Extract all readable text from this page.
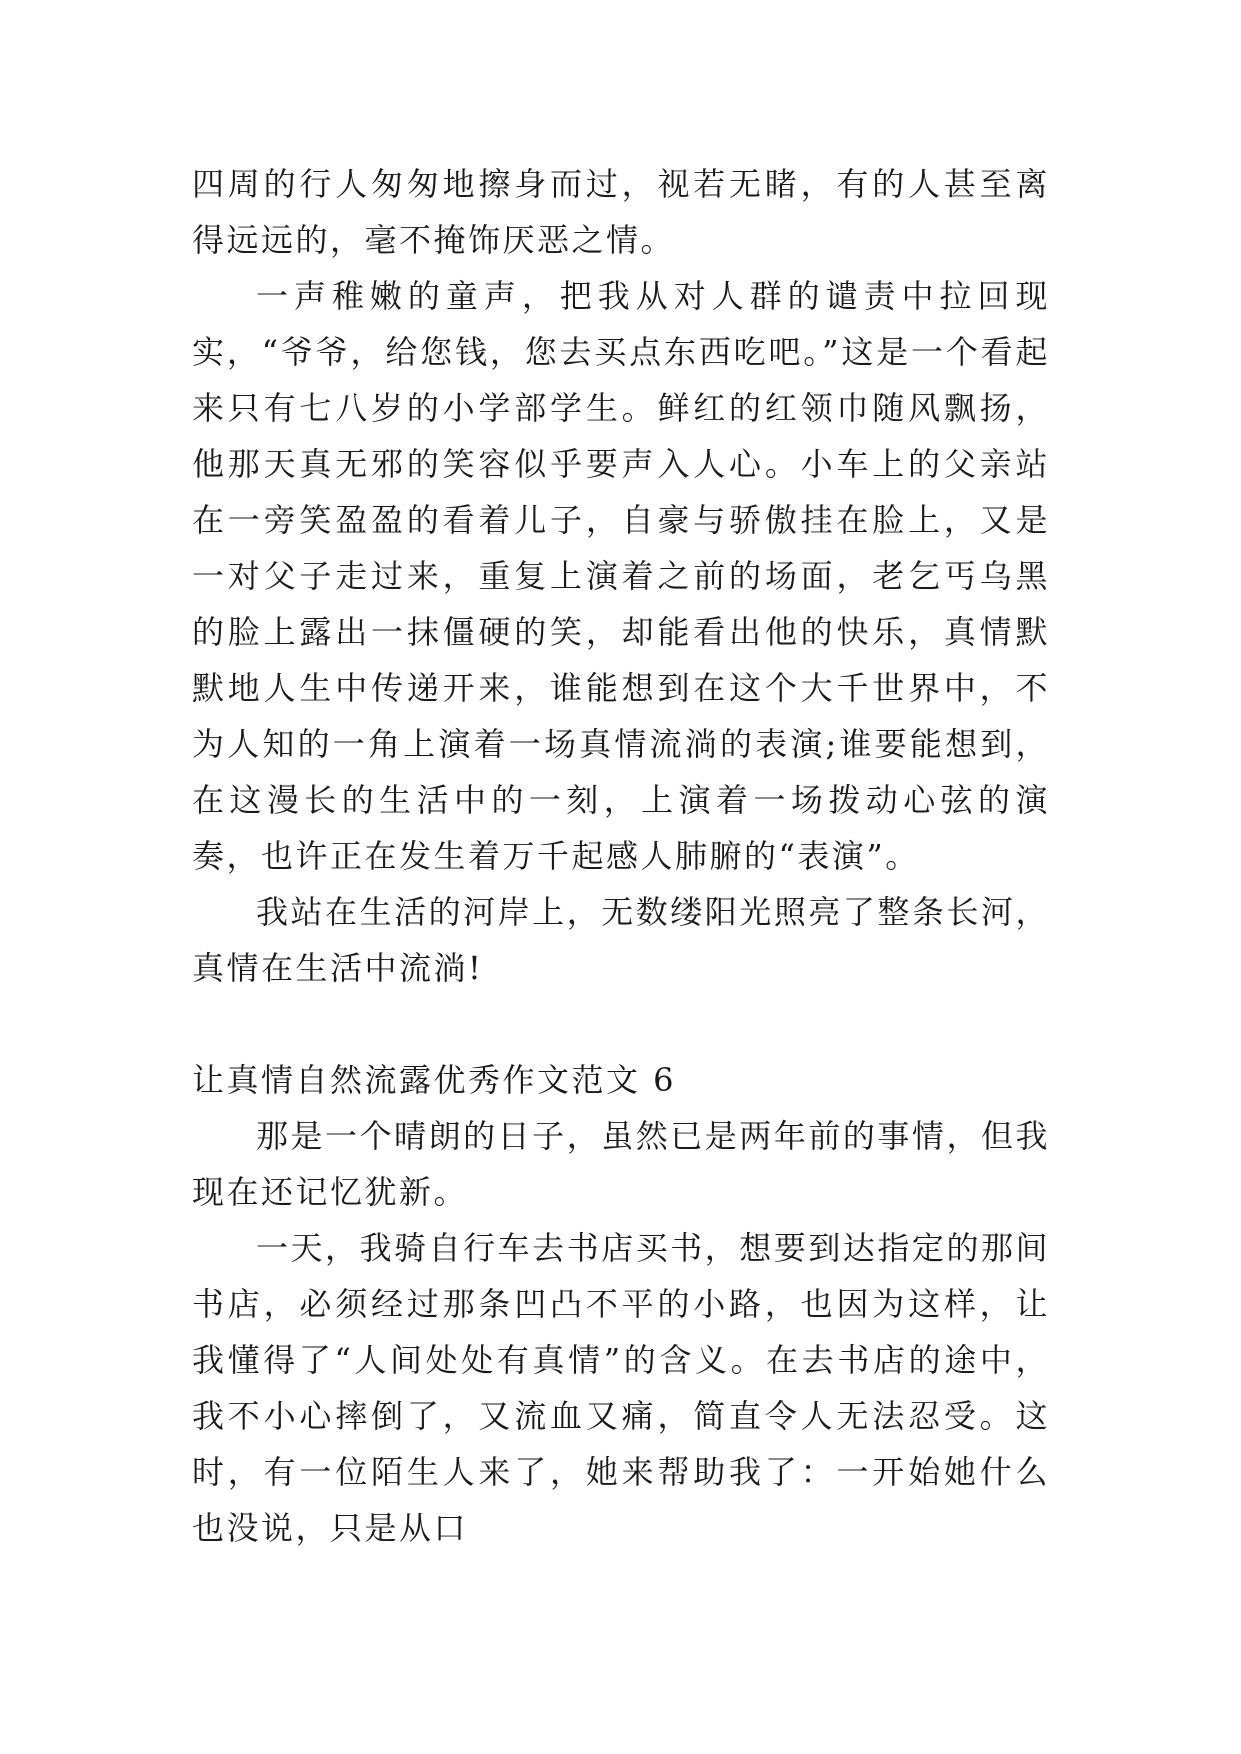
四周的行人匆匆地擦身而过，视若无睹，有的人甚至离得远远的，毫不掩饰厌恶之情。

一声稚嫩的童声，把我从对人群的谴责中拉回现实，“爷爷，给您钱，您去买点东西吃吧。”这是一个看起来只有七八岁的小学部学生。鲜红的红领巾随风飘扬，他那天真无邪的笑容似乎要声入人心。小车上的父亲站在一旁笑盈盈的看着儿子，自豪与骄傲挂在脸上，又是一对父子走过来，重复上演着之前的场面，老乞丐乌黑的脸上露出一抹僵硬的笑，却能看出他的快乐，真情默默地人生中传递开来，谁能想到在这个大千世界中，不为人知的一角上演着一场真情流淌的表演;谁要能想到，在这漫长的生活中的一刻，上演着一场拨动心弦的演奏，也许正在发生着万千起感人肺腑的“表演”。

我站在生活的河岸上，无数缕阳光照亮了整条长河，真情在生活中流淌!

让真情自然流露优秀作文范文 6

那是一个晴朗的日子，虽然已是两年前的事情，但我现在还记忆犹新。

一天，我骑自行车去书店买书，想要到达指定的那间书店，必须经过那条凹凸不平的小路，也因为这样，让我懂得了“人间处处有真情”的含义。在去书店的途中，我不小心摔倒了，又流血又痛，简直令人无法忍受。这时，有一位陌生人来了，她来帮助我了：一开始她什么也没说，只是从口
